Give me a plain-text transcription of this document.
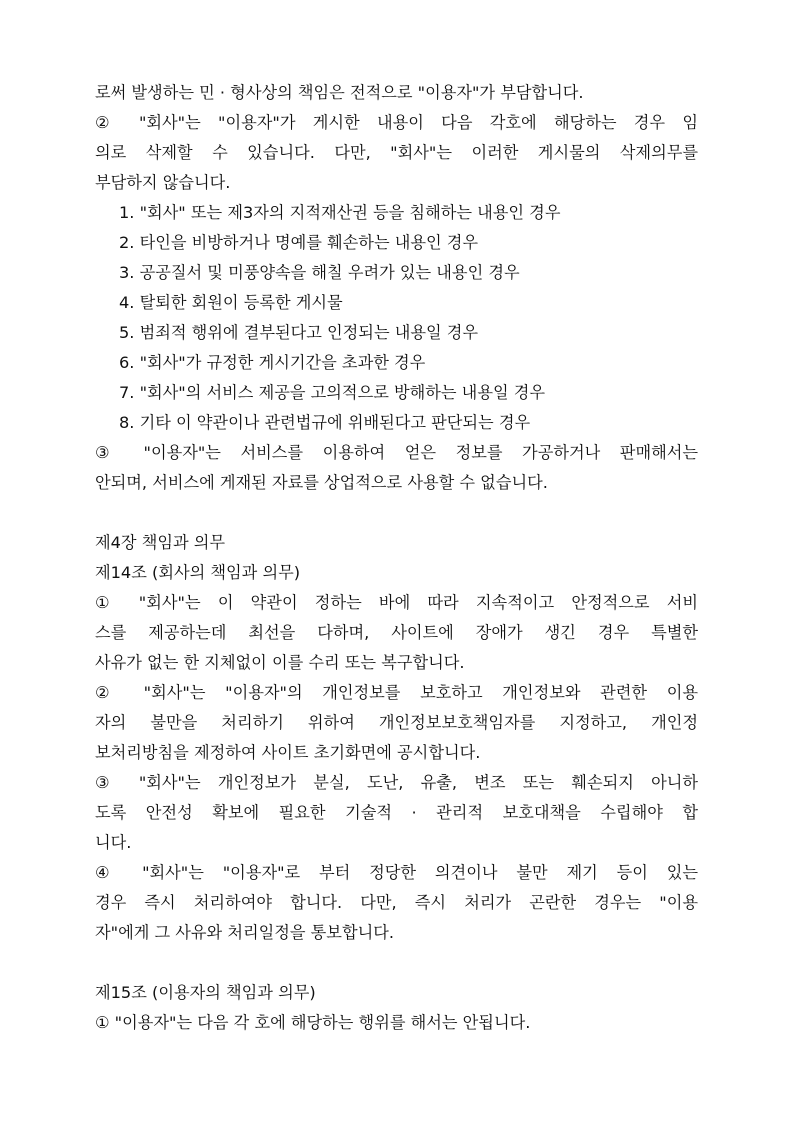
로써 발생하는 민 · 형사상의 책임은 전적으로 "이용자"가 부담합니다.
② "회사"는 "이용자"가 게시한 내용이 다음 각호에 해당하는 경우 임
의로 삭제할 수 있습니다. 다만, "회사"는 이러한 게시물의 삭제의무를
부담하지 않습니다.
1. "회사" 또는 제3자의 지적재산권 등을 침해하는 내용인 경우
2. 타인을 비방하거나 명예를 훼손하는 내용인 경우
3. 공공질서 및 미풍양속을 해칠 우려가 있는 내용인 경우
4. 탈퇴한 회원이 등록한 게시물
5. 범죄적 행위에 결부된다고 인정되는 내용일 경우
6. "회사"가 규정한 게시기간을 초과한 경우
7. "회사"의 서비스 제공을 고의적으로 방해하는 내용일 경우
8. 기타 이 약관이나 관련법규에 위배된다고 판단되는 경우
③ "이용자"는 서비스를 이용하여 얻은 정보를 가공하거나 판매해서는
안되며, 서비스에 게재된 자료를 상업적으로 사용할 수 없습니다.
제4장 책임과 의무
제14조 (회사의 책임과 의무)
① "회사"는 이 약관이 정하는 바에 따라 지속적이고 안정적으로 서비
스를 제공하는데 최선을 다하며, 사이트에 장애가 생긴 경우 특별한
사유가 없는 한 지체없이 이를 수리 또는 복구합니다.
② "회사"는 "이용자"의 개인정보를 보호하고 개인정보와 관련한 이용
자의 불만을 처리하기 위하여 개인정보보호책임자를 지정하고, 개인정
보처리방침을 제정하여 사이트 초기화면에 공시합니다.
③ "회사"는 개인정보가 분실, 도난, 유출, 변조 또는 훼손되지 아니하
도록 안전성 확보에 필요한 기술적 · 관리적 보호대책을 수립해야 합
니다.
④ "회사"는 "이용자"로 부터 정당한 의견이나 불만 제기 등이 있는
경우 즉시 처리하여야 합니다. 다만, 즉시 처리가 곤란한 경우는 "이용
자"에게 그 사유와 처리일정을 통보합니다.
제15조 (이용자의 책임과 의무)
① "이용자"는 다음 각 호에 해당하는 행위를 해서는 안됩니다.
